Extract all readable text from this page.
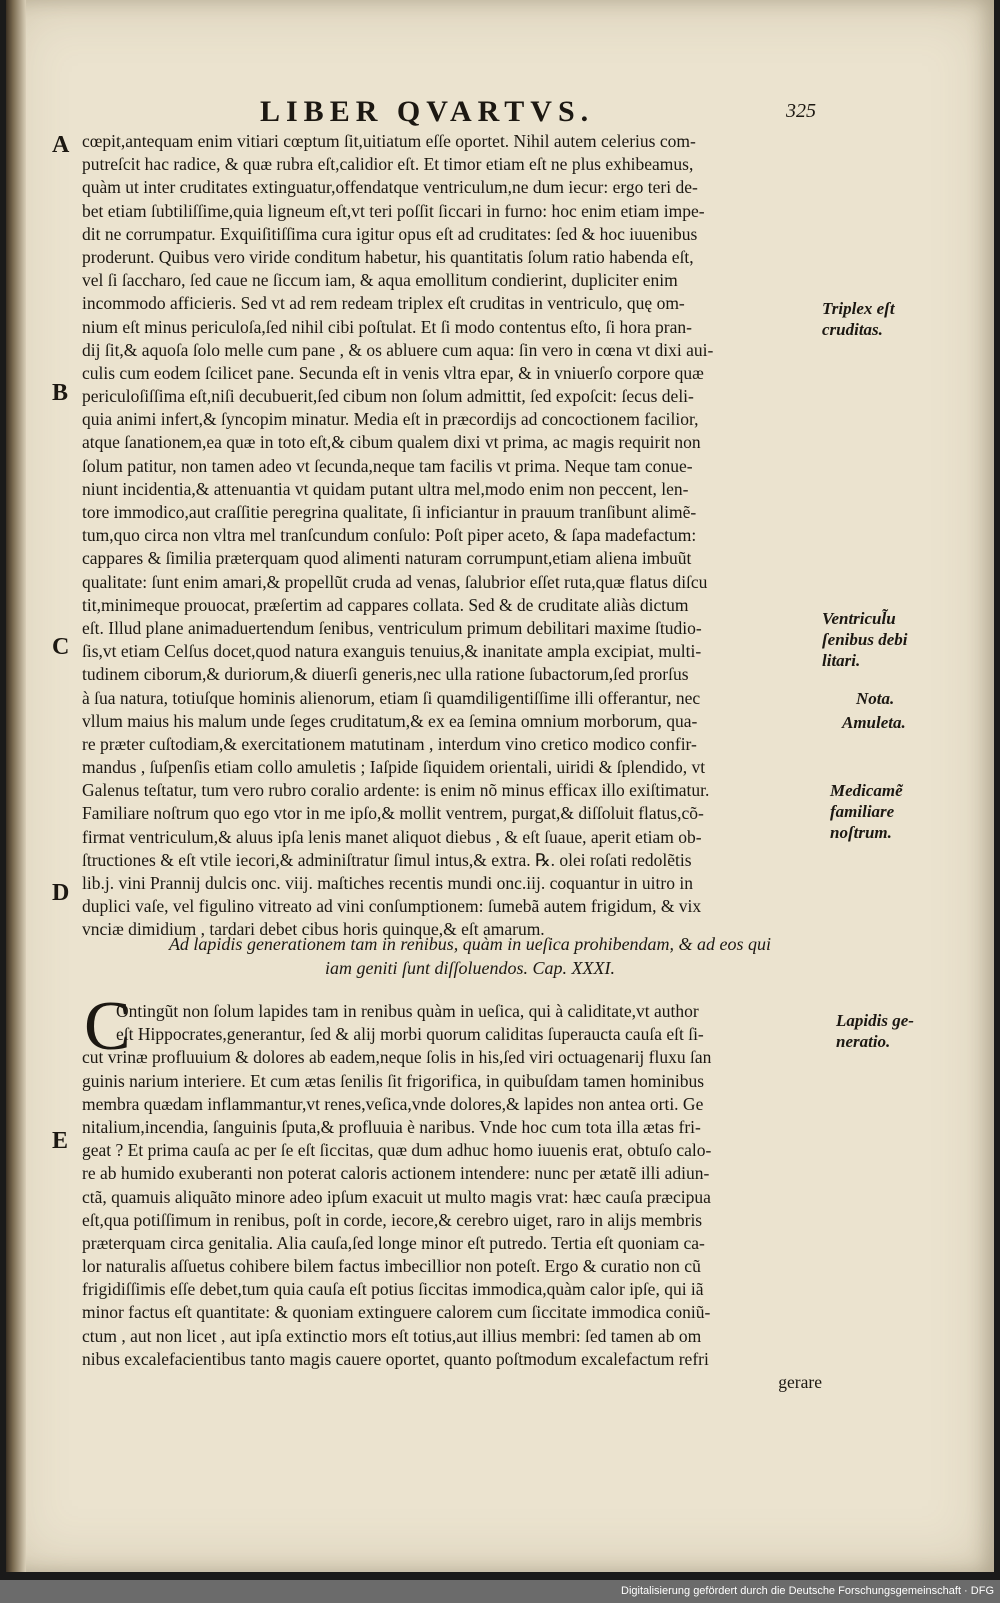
LIBER QVARTVS.	325
cœpit,antequam enim vitiari cœptum ſit,uitiatum eſſe oportet. Nihil autem celerius com-
putreſcit hac radice, & quæ rubra eſt,calidior eſt. Et timor etiam eſt ne plus exhibeamus,
quàm ut inter cruditates extinguatur,offendatque ventriculum,ne dum iecur: ergo teri de-
bet etiam ſubtiliſſime,quia ligneum eſt,vt teri poſſit ſiccari in furno: hoc enim etiam impe-
dit ne corrumpatur. Exquiſitiſſima cura igitur opus eſt ad cruditates: ſed & hoc iuuenibus
proderunt. Quibus vero viride conditum habetur, his quantitatis ſolum ratio habenda eſt,
vel ſi ſaccharo, ſed caue ne ſiccum iam, & aqua emollitum condierint, dupliciter enim
incommodo afficieris. Sed vt ad rem redeam triplex eſt cruditas in ventriculo, quę om-
nium eſt minus periculoſa,ſed nihil cibi poſtulat. Et ſi modo contentus eſto, ſi hora pran-
dij ſit,& aquoſa ſolo melle cum pane , & os abluere cum aqua: ſin vero in cœna vt dixi aui-
culis cum eodem ſcilicet pane. Secunda eſt in venis vltra epar, & in vniuerſo corpore quæ
periculoſiſſima eſt,niſi decubuerit,ſed cibum non ſolum admittit, ſed expoſcit: ſecus deli-
quia animi infert,& ſyncopim minatur. Media eſt in præcordijs ad concoctionem facilior,
atque ſanationem,ea quæ in toto eſt,& cibum qualem dixi vt prima, ac magis requirit non
ſolum patitur, non tamen adeo vt ſecunda,neque tam facilis vt prima. Neque tam conue-
niunt incidentia,& attenuantia vt quidam putant ultra mel,modo enim non peccent, len-
tore immodico,aut craſſitie peregrina qualitate, ſi inficiantur in prauum tranſibunt alimẽ-
tum,quo circa non vltra mel tranſcundum conſulo: Poſt piper aceto, & ſapa madefactum:
cappares & ſimilia præterquam quod alimenti naturam corrumpunt,etiam aliena imbuũt
qualitate: ſunt enim amari,& propellũt cruda ad venas, ſalubrior eſſet ruta,quæ flatus diſcu
tit,minimeque prouocat, præſertim ad cappares collata. Sed & de cruditate aliàs dictum
eſt. Illud plane animaduertendum ſenibus, ventriculum primum debilitari maxime ſtudio-
ſis,vt etiam Celſus docet,quod natura exanguis tenuius,& inanitate ampla excipiat, multi-
tudinem ciborum,& duriorum,& diuerſi generis,nec ulla ratione ſubactorum,ſed prorſus
à ſua natura, totiuſque hominis alienorum, etiam ſi quamdiligentiſſime illi offerantur, nec
vllum maius his malum unde ſeges cruditatum,& ex ea ſemina omnium morborum, qua-
re præter cuſtodiam,& exercitationem matutinam , interdum vino cretico modico confir-
mandus , ſuſpenſis etiam collo amuletis ; Iaſpide ſiquidem orientali, uiridi & ſplendido, vt
Galenus teſtatur, tum vero rubro coralio ardente: is enim nõ minus efficax illo exiſtimatur.
Familiare noſtrum quo ego vtor in me ipſo,& mollit ventrem, purgat,& diſſoluit flatus,cõ-
firmat ventriculum,& aluus ipſa lenis manet aliquot diebus , & eſt ſuaue, aperit etiam ob-
ſtructiones & eſt vtile iecori,& adminiſtratur ſimul intus,& extra. ℞. olei roſati redolẽtis
lib.j. vini Prannij dulcis onc. viij. maſtiches recentis mundi onc.iij. coquantur in uitro in
duplici vaſe, vel figulino vitreato ad vini conſumptionem: ſumebã autem frigidum, & vix
vnciæ dimidium , tardari debet cibus horis quinque,& eſt amarum.
Ad lapidis generationem tam in renibus, quàm in ueſica prohibendam, & ad eos qui
iam geniti ſunt diſſoluendos. Cap. XXXI.
C
Ontingũt non ſolum lapides tam in renibus quàm in ueſica, qui à caliditate,vt author
eſt Hippocrates,generantur, ſed & alij morbi quorum caliditas ſuperaucta cauſa eſt ſi-
cut vrinæ profluuium & dolores ab eadem,neque ſolis in his,ſed viri octuagenarij fluxu ſan
guinis narium interiere. Et cum ætas ſenilis ſit frigorifica, in quibuſdam tamen hominibus
membra quædam inflammantur,vt renes,veſica,vnde dolores,& lapides non antea orti. Ge
nitalium,incendia, ſanguinis ſputa,& profluuia è naribus. Vnde hoc cum tota illa ætas fri-
geat ? Et prima cauſa ac per ſe eſt ſiccitas, quæ dum adhuc homo iuuenis erat, obtuſo calo-
re ab humido exuberanti non poterat caloris actionem intendere: nunc per ætatẽ illi adiun-
ctã, quamuis aliquãto minore adeo ipſum exacuit ut multo magis vrat: hæc cauſa præcipua
eſt,qua potiſſimum in renibus, poſt in corde, iecore,& cerebro uiget, raro in alijs membris
præterquam circa genitalia. Alia cauſa,ſed longe minor eſt putredo. Tertia eſt quoniam ca-
lor naturalis aſſuetus cohibere bilem factus imbecillior non poteſt. Ergo & curatio non cũ
frigidiſſimis eſſe debet,tum quia cauſa eſt potius ſiccitas immodica,quàm calor ipſe, qui iã
minor factus eſt quantitate: & quoniam extinguere calorem cum ſiccitate immodica coniũ-
ctum , aut non licet , aut ipſa extinctio mors eſt totius,aut illius membri: ſed tamen ab om
nibus excalefacientibus tanto magis cauere oportet, quanto poſtmodum excalefactum refri
gerare
A
B
C
D
E
Triplex eſt
cruditas.
Ventricul̃u
ſenibus debi
litari.
Nota.
Amuleta.
Medicamẽ
familiare
noſtrum.
Lapidis ge-
neratio.
Digitalisierung gefördert durch die Deutsche Forschungsgemeinschaft · DFG
